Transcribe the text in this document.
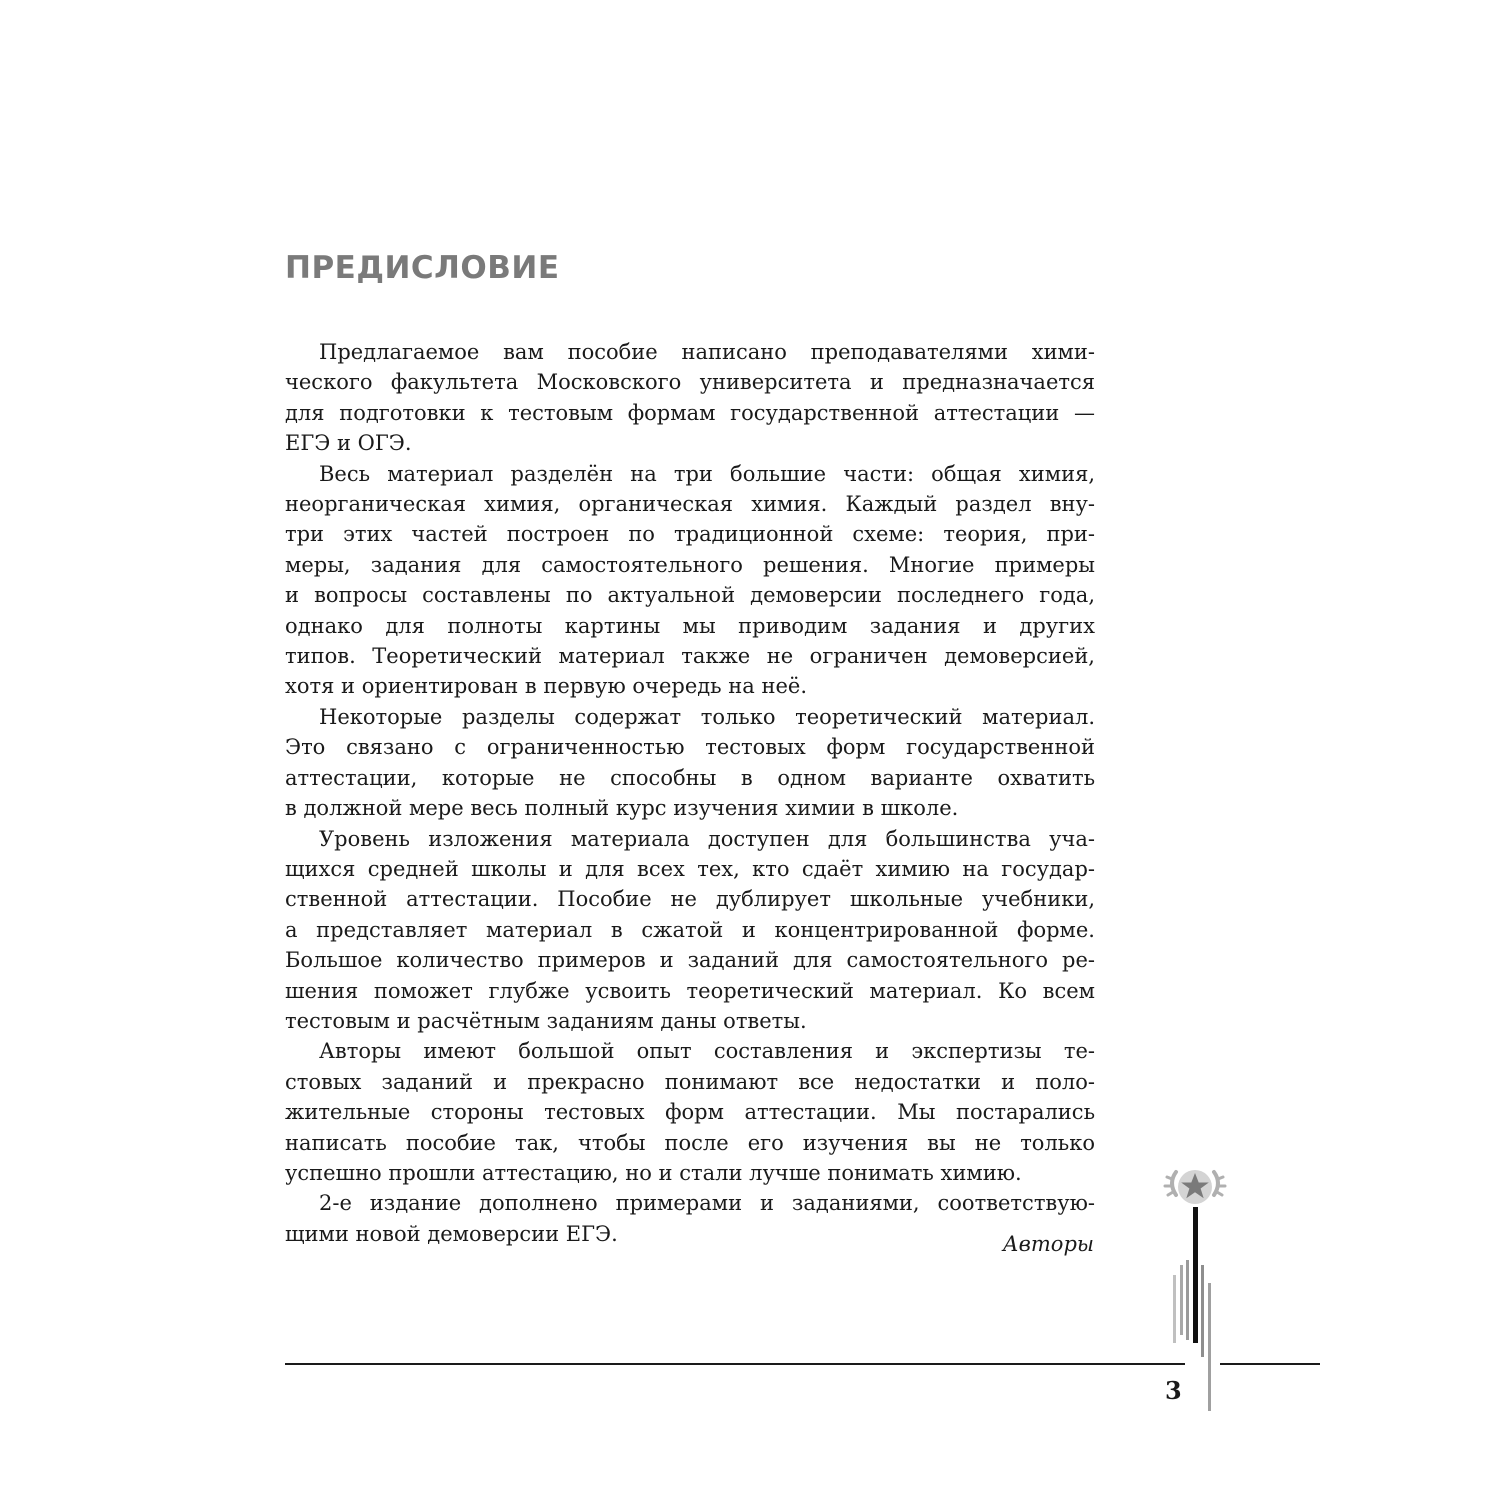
ПРЕДИСЛОВИЕ
Предлагаемое вам пособие написано преподавателями хими-
ческого факультета Московского университета и предназначается
для подготовки к тестовым формам государственной аттестации —
ЕГЭ и ОГЭ.
Весь материал разделён на три большие части: общая химия,
неорганическая химия, органическая химия. Каждый раздел вну-
три этих частей построен по традиционной схеме: теория, при-
меры, задания для самостоятельного решения. Многие примеры
и вопросы составлены по актуальной демоверсии последнего года,
однако для полноты картины мы приводим задания и других
типов. Теоретический материал также не ограничен демоверсией,
хотя и ориентирован в первую очередь на неё.
Некоторые разделы содержат только теоретический материал.
Это связано с ограниченностью тестовых форм государственной
аттестации, которые не способны в одном варианте охватить
в должной мере весь полный курс изучения химии в школе.
Уровень изложения материала доступен для большинства уча-
щихся средней школы и для всех тех, кто сдаёт химию на государ-
ственной аттестации. Пособие не дублирует школьные учебники,
а представляет материал в сжатой и концентрированной форме.
Большое количество примеров и заданий для самостоятельного ре-
шения поможет глубже усвоить теоретический материал. Ко всем
тестовым и расчётным заданиям даны ответы.
Авторы имеют большой опыт составления и экспертизы те-
стовых заданий и прекрасно понимают все недостатки и поло-
жительные стороны тестовых форм аттестации. Мы постарались
написать пособие так, чтобы после его изучения вы не только
успешно прошли аттестацию, но и стали лучше понимать химию.
2-е издание дополнено примерами и заданиями, соответствую-
щими новой демоверсии ЕГЭ.	Авторы
3
